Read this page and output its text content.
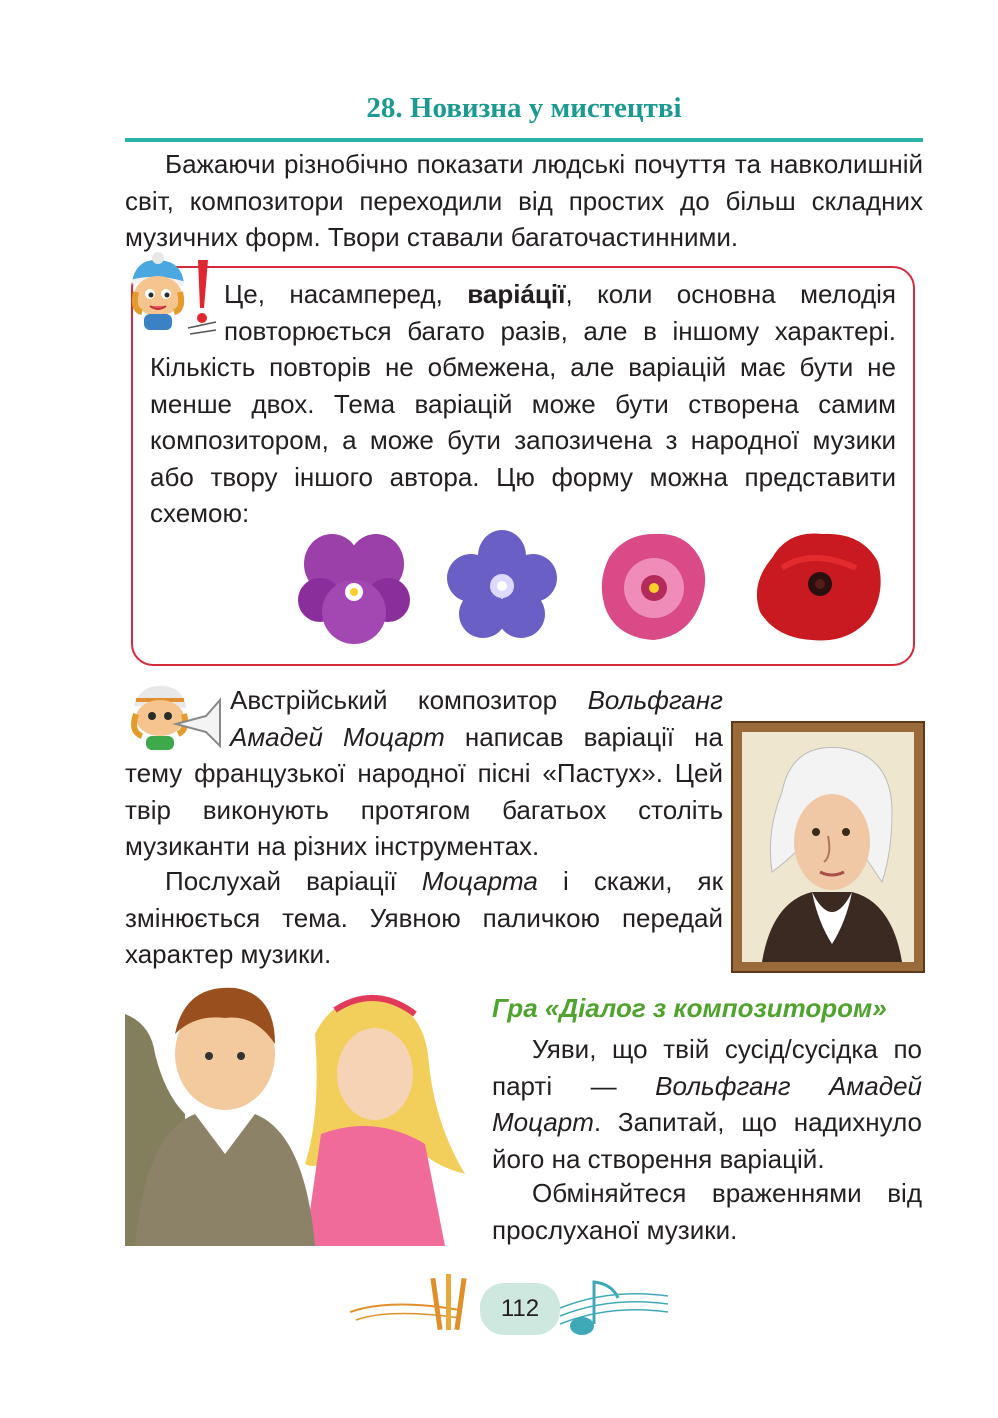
28. Новизна у мистецтві

Бажаючи різнобічно показати людські почуття та навколишній світ, композитори переходили від простих до більш складних музичних форм. Твори ставали багаточастинними.

Це, насамперед, варіáції, коли основна мелодія повторюється багато разів, але в іншому характері. Кількість повторів не обмежена, але варіацій має бути не менше двох. Тема варіацій може бути створена самим композитором, а може бути запозичена з народної музики або твору іншого автора. Цю форму можна представити схемою:

Австрійський композитор Вольфганг Амадей Моцарт написав варіації на тему французької народної пісні «Пастух». Цей твір виконують протягом багатьох століть музиканти на різних інструментах.

Послухай варіації Моцарта і скажи, як змінюється тема. Уявною паличкою передай характер музики.

Гра «Діалог з композитором»

Уяви, що твій сусід/сусідка по парті — Вольфганг Амадей Моцарт. Запитай, що надихнуло його на створення варіацій.

Обміняйтеся враженнями від прослуханої музики.

112
